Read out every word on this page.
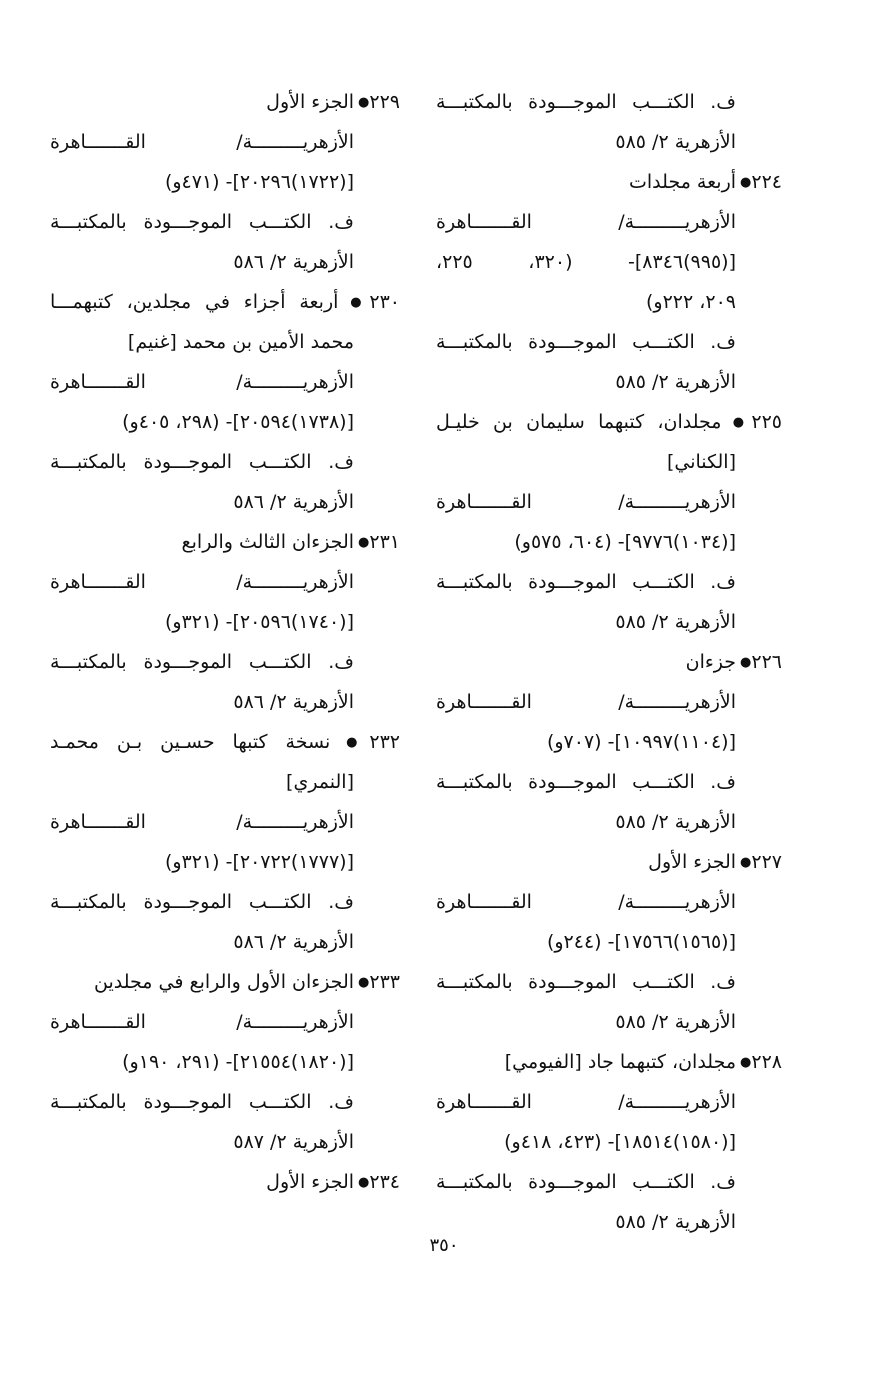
ف. الكتـــب الموجـــودة بالمكتبـــة
الأزهرية ٢/ ٥٨٥
٢٢٤●أربعة مجلدات
الأزهريـــــــــة/ القـــــــاهرة
[(٩٩٥)٨٣٤٦]- (٣٢٠، ٢٢٥،
٢٠٩، ٢٢٢و)
ف. الكتـــب الموجـــودة بالمكتبـــة
الأزهرية ٢/ ٥٨٥
٢٢٥●مجلدان، كتبهما سليمان بن خليـل
[الكناني]
الأزهريـــــــــة/ القـــــــاهرة
[(١٠٣٤)٩٧٧٦]- (٦٠٤، ٥٧٥و)
ف. الكتـــب الموجـــودة بالمكتبـــة
الأزهرية ٢/ ٥٨٥
٢٢٦●جزءان
الأزهريـــــــــة/ القـــــــاهرة
[(١١٠٤)١٠٩٩٧]- (٧٠٧و)
ف. الكتـــب الموجـــودة بالمكتبـــة
الأزهرية ٢/ ٥٨٥
٢٢٧●الجزء الأول
الأزهريـــــــــة/ القـــــــاهرة
[(١٥٦٥)١٧٥٦٦]- (٢٤٤و)
ف. الكتـــب الموجـــودة بالمكتبـــة
الأزهرية ٢/ ٥٨٥
٢٢٨●مجلدان، كتبهما جاد [الفيومي]
الأزهريـــــــــة/ القـــــــاهرة
[(١٥٨٠)١٨٥١٤]- (٤٢٣، ٤١٨و)
ف. الكتـــب الموجـــودة بالمكتبـــة
الأزهرية ٢/ ٥٨٥
٢٢٩●الجزء الأول
الأزهريـــــــــة/ القـــــــاهرة
[(١٧٢٢)٢٠٢٩٦]- (٤٧١و)
ف. الكتـــب الموجـــودة بالمكتبـــة
الأزهرية ٢/ ٥٨٦
٢٣٠●أربعة أجزاء في مجلدين، كتبهمـــا
محمد الأمين بن محمد [غنيم]
الأزهريـــــــــة/ القـــــــاهرة
[(١٧٣٨)٢٠٥٩٤]- (٢٩٨، ٤٠٥و)
ف. الكتـــب الموجـــودة بالمكتبـــة
الأزهرية ٢/ ٥٨٦
٢٣١●الجزءان الثالث والرابع
الأزهريـــــــــة/ القـــــــاهرة
[(١٧٤٠)٢٠٥٩٦]- (٣٢١و)
ف. الكتـــب الموجـــودة بالمكتبـــة
الأزهرية ٢/ ٥٨٦
٢٣٢●نسخة كتبها حسـين بـن محمـد
[النمري]
الأزهريـــــــــة/ القـــــــاهرة
[(١٧٧٧)٢٠٧٢٢]- (٣٢١و)
ف. الكتـــب الموجـــودة بالمكتبـــة
الأزهرية ٢/ ٥٨٦
٢٣٣●الجزءان الأول والرابع في مجلدين
الأزهريـــــــــة/ القـــــــاهرة
[(١٨٢٠)٢١٥٥٤]- (٢٩١، ١٩٠و)
ف. الكتـــب الموجـــودة بالمكتبـــة
الأزهرية ٢/ ٥٨٧
٢٣٤●الجزء الأول
٣٥٠
